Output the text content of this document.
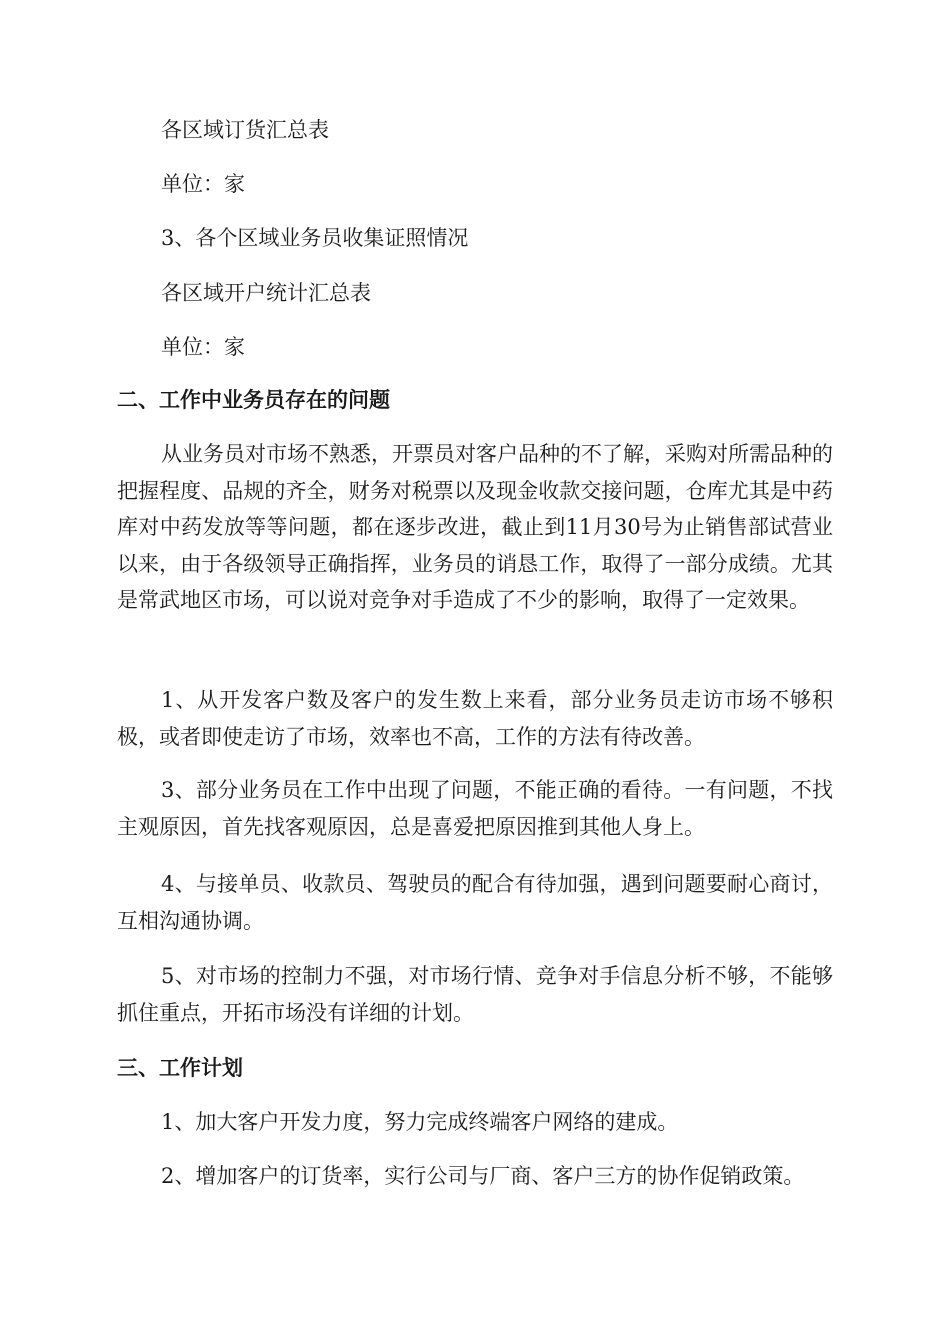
各区域订货汇总表

单位：家

3、各个区域业务员收集证照情况

各区域开户统计汇总表

单位：家

二、工作中业务员存在的问题

从业务员对市场不熟悉，开票员对客户品种的不了解，采购对所需品种的把握程度、品规的齐全，财务对税票以及现金收款交接问题，仓库尤其是中药库对中药发放等等问题，都在逐步改进，截止到11月30号为止销售部试营业以来，由于各级领导正确指挥，业务员的诮恳工作，取得了一部分成绩。尤其是常武地区市场，可以说对竞争对手造成了不少的影响，取得了一定效果。

1、从开发客户数及客户的发生数上来看，部分业务员走访市场不够积极，或者即使走访了市场，效率也不高，工作的方法有待改善。

3、部分业务员在工作中出现了问题，不能正确的看待。一有问题，不找主观原因，首先找客观原因，总是喜爱把原因推到其他人身上。

4、与接单员、收款员、驾驶员的配合有待加强，遇到问题要耐心商讨，互相沟通协调。

5、对市场的控制力不强，对市场行情、竞争对手信息分析不够，不能够抓住重点，开拓市场没有详细的计划。

三、工作计划

1、加大客户开发力度，努力完成终端客户网络的建成。

2、增加客户的订货率，实行公司与厂商、客户三方的协作促销政策。
